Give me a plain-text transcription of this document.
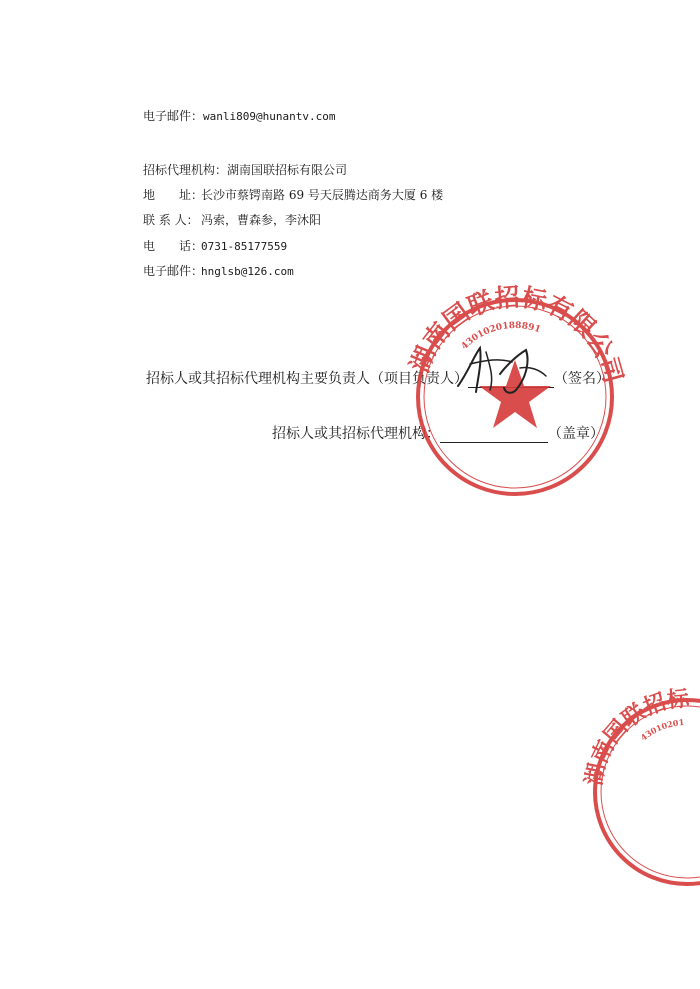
电子邮件：wanli809@hunantv.com
招标代理机构：湖南国联招标有限公司
地　　址：长沙市蔡锷南路 69 号天辰腾达商务大厦 6 楼
联 系 人： 冯索，曹森参，李沐阳
电　　话：0731-85177559
电子邮件：hnglsb@126.com
招标人或其招标代理机构主要负责人（项目负责人）	（签名）
招标人或其招标代理机构：	（盖章）
湖南国联招标有限公司
4301020188891
湖南国联招标
43010201
